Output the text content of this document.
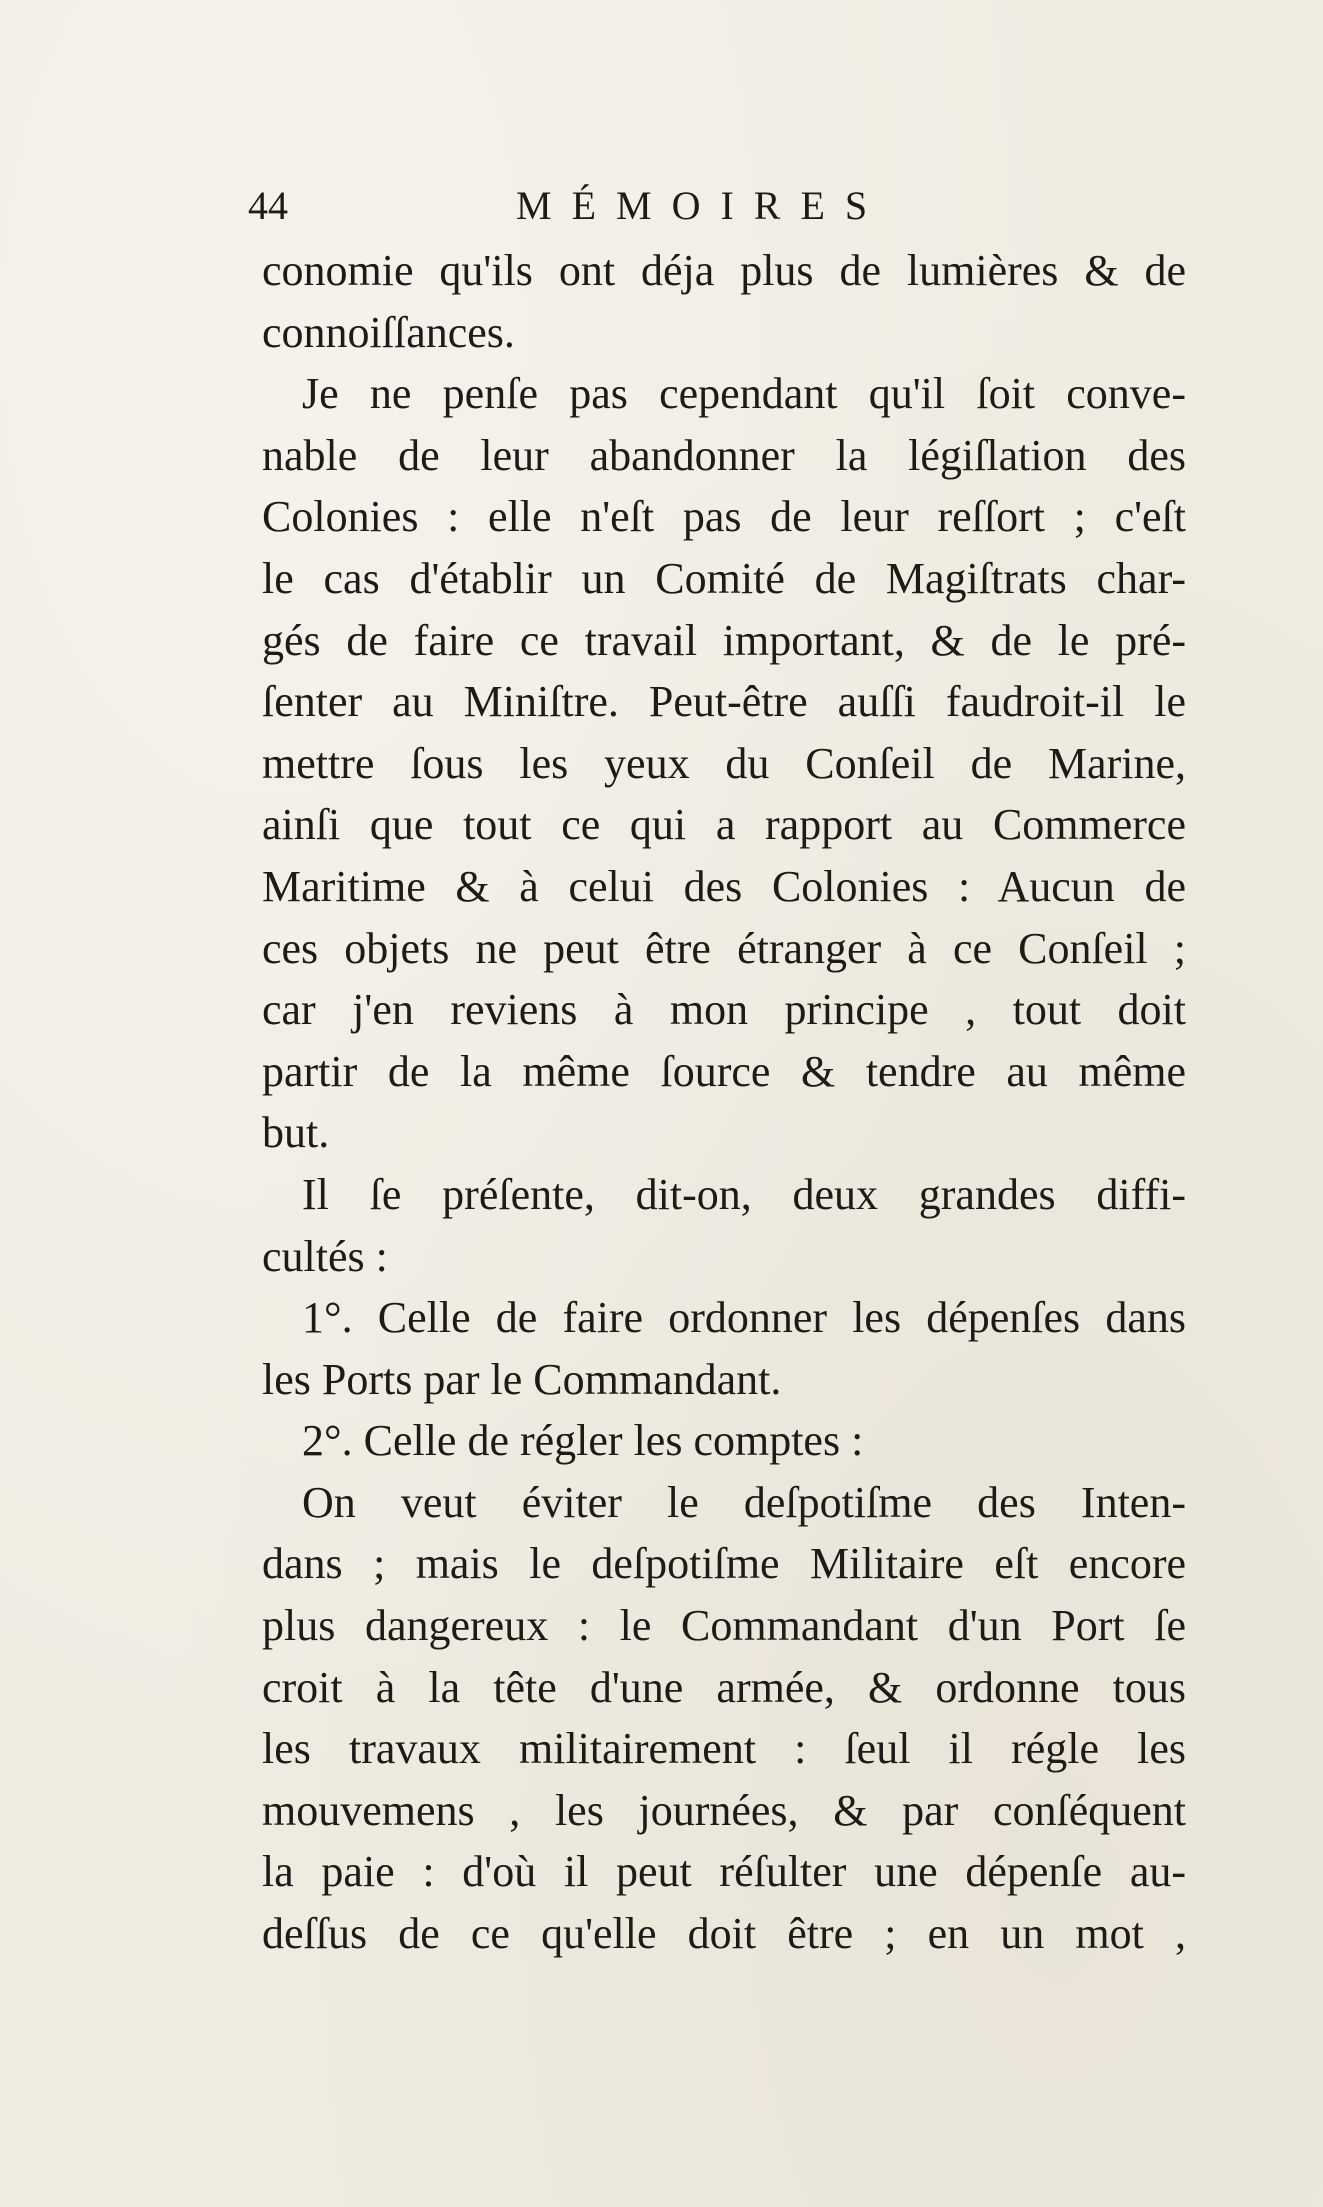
44	MÉMOIRES
conomie qu'ils ont déja plus de lumières & de
connoiſſances.
Je ne penſe pas cependant qu'il ſoit conve-
nable de leur abandonner la légiſlation des
Colonies : elle n'eſt pas de leur reſſort ; c'eſt
le cas d'établir un Comité de Magiſtrats char-
gés de faire ce travail important, & de le pré-
ſenter au Miniſtre. Peut-être auſſi faudroit-il le
mettre ſous les yeux du Conſeil de Marine,
ainſi que tout ce qui a rapport au Commerce
Maritime & à celui des Colonies : Aucun de
ces objets ne peut être étranger à ce Conſeil ;
car j'en reviens à mon principe , tout doit
partir de la même ſource & tendre au même
but.
Il ſe préſente, dit-on, deux grandes diffi-
cultés :
1°. Celle de faire ordonner les dépenſes dans
les Ports par le Commandant.
2°. Celle de régler les comptes :
On veut éviter le deſpotiſme des Inten-
dans ; mais le deſpotiſme Militaire eſt encore
plus dangereux : le Commandant d'un Port ſe
croit à la tête d'une armée, & ordonne tous
les travaux militairement : ſeul il régle les
mouvemens , les journées, & par conſéquent
la paie : d'où il peut réſulter une dépenſe au-
deſſus de ce qu'elle doit être ; en un mot ,
